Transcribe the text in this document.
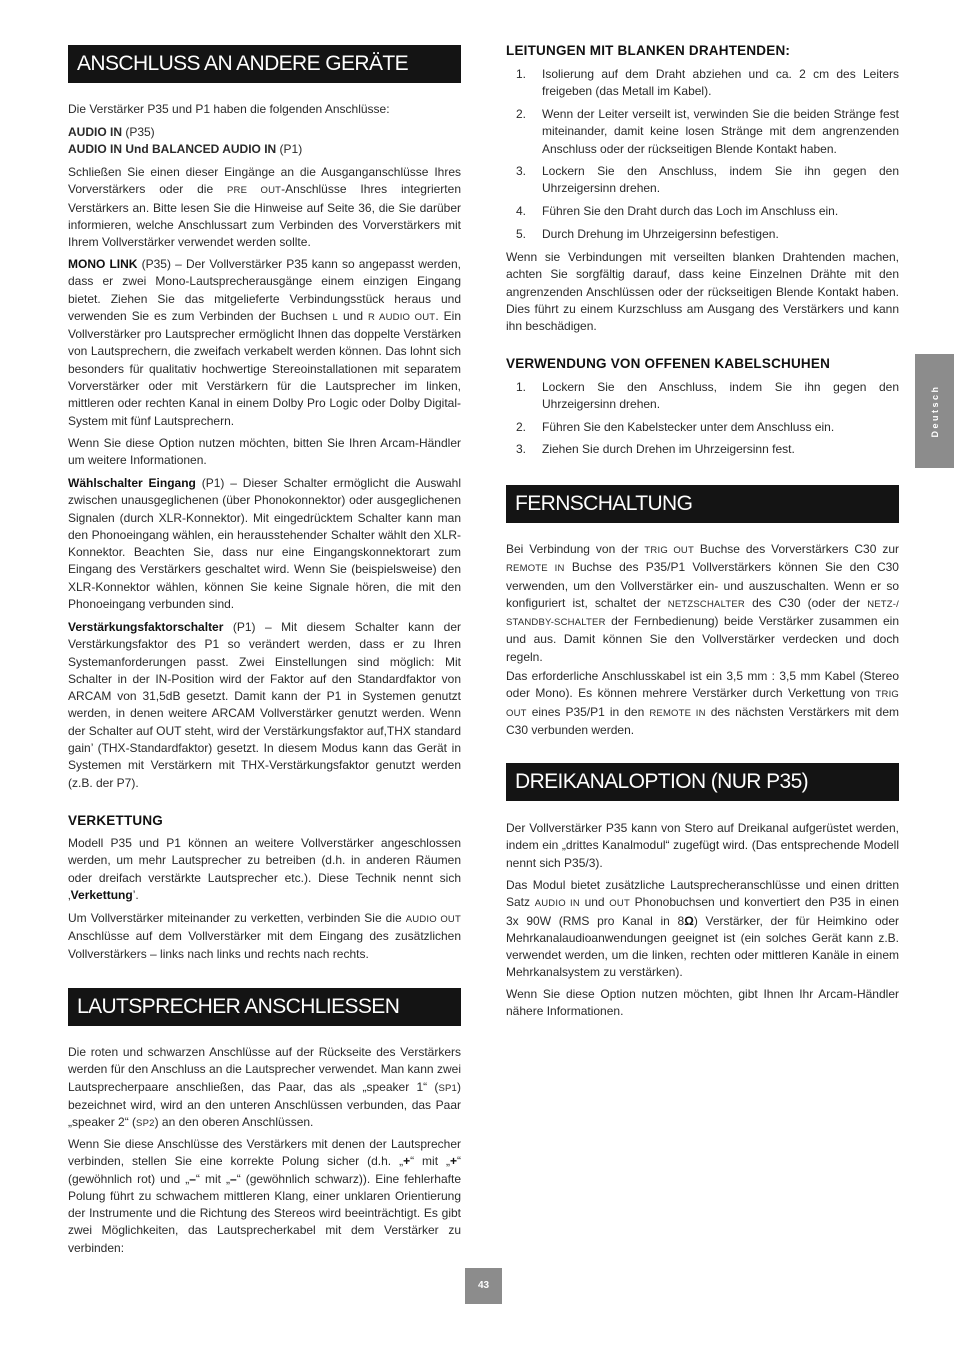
ANSCHLUSS AN ANDERE GERÄTE

Die Verstärker P35 und P1 haben die folgenden Anschlüsse:

AUDIO IN (P35)
AUDIO IN Und BALANCED AUDIO IN (P1)

Schließen Sie einen dieser Eingänge an die Ausganganschlüsse Ihres Vorverstärkers oder die PRE OUT-Anschlüsse Ihres integrierten Verstärkers an. Bitte lesen Sie die Hinweise auf Seite 36, die Sie darüber informieren, welche Anschlussart zum Verbinden des Vorverstärkers mit Ihrem Vollverstärker verwendet werden sollte.

MONO LINK (P35) – Der Vollverstärker P35 kann so angepasst werden, dass er zwei Mono-Lautsprecherausgänge einem einzigen Eingang bietet. Ziehen Sie das mitgelieferte Verbindungsstück heraus und verwenden Sie es zum Verbinden der Buchsen L und R AUDIO OUT. Ein Vollverstärker pro Lautsprecher ermöglicht Ihnen das doppelte Verstärken von Lautsprechern, die zweifach verkabelt werden können. Das lohnt sich besonders für qualitativ hochwertige Stereoinstallationen mit separatem Vorverstärker oder mit Verstärkern für die Lautsprecher im linken, mittleren oder rechten Kanal in einem Dolby Pro Logic oder Dolby Digital-System mit fünf Lautsprechern.

Wenn Sie diese Option nutzen möchten, bitten Sie Ihren Arcam-Händler um weitere Informationen.

Wählschalter Eingang (P1) – Dieser Schalter ermöglicht die Auswahl zwischen unausgeglichenen (über Phonokonnektor) oder ausgeglichenen Signalen (durch XLR-Konnektor). Mit eingedrücktem Schalter kann man den Phonoeingang wählen, ein herausstehender Schalter wählt den XLR-Konnektor. Beachten Sie, dass nur eine Eingangskonnektorart zum Eingang des Verstärkers geschaltet wird. Wenn Sie (beispielsweise) den XLR-Konnektor wählen, können Sie keine Signale hören, die mit den Phonoeingang verbunden sind.

Verstärkungsfaktorschalter (P1) – Mit diesem Schalter kann der Verstärkungsfaktor des P1 so verändert werden, dass er zu Ihren Systemanforderungen passt. Zwei Einstellungen sind möglich: Mit Schalter in der IN-Position wird der Faktor auf den Standardfaktor von ARCAM von 31,5dB gesetzt. Damit kann der P1 in Systemen genutzt werden, in denen weitere ARCAM Vollverstärker genutzt werden. Wenn der Schalter auf OUT steht, wird der Verstärkungsfaktor auf,THX standard gain’ (THX-Standardfaktor) gesetzt. In diesem Modus kann das Gerät in Systemen mit Verstärkern mit THX-Verstärkungsfaktor genutzt werden (z.B. der P7).

VERKETTUNG

Modell P35 und P1 können an weitere Vollverstärker angeschlossen werden, um mehr Lautsprecher zu betreiben (d.h. in anderen Räumen oder dreifach verstärkte Lautsprecher etc.). Diese Technik nennt sich ‚Verkettung’.

Um Vollverstärker miteinander zu verketten, verbinden Sie die AUDIO OUT Anschlüsse auf dem Vollverstärker mit dem Eingang des zusätzlichen Vollverstärkers – links nach links und rechts nach rechts.

LAUTSPRECHER ANSCHLIESSEN

Die roten und schwarzen Anschlüsse auf der Rückseite des Verstärkers werden für den Anschluss an die Lautsprecher verwendet. Man kann zwei Lautsprecherpaare anschließen, das Paar, das als „speaker 1“ (SP1) bezeichnet wird, wird an den unteren Anschlüssen verbunden, das Paar „speaker 2“ (SP2) an den oberen Anschlüssen.

Wenn Sie diese Anschlüsse des Verstärkers mit denen der Lautsprecher verbinden, stellen Sie eine korrekte Polung sicher (d.h. „+“ mit „+“ (gewöhnlich rot) und „–“ mit „–“ (gewöhnlich schwarz)). Eine fehlerhafte Polung führt zu schwachem mittleren Klang, einer unklaren Orientierung der Instrumente und die Richtung des Stereos wird beeinträchtigt. Es gibt zwei Möglichkeiten, das Lautsprecherkabel mit dem Verstärker zu verbinden:

LEITUNGEN MIT BLANKEN DRAHTENDEN:
1. Isolierung auf dem Draht abziehen und ca. 2 cm des Leiters freigeben (das Metall im Kabel).
2. Wenn der Leiter verseilt ist, verwinden Sie die beiden Stränge fest miteinander, damit keine losen Stränge mit dem angrenzenden Anschluss oder der rückseitigen Blende Kontakt haben.
3. Lockern Sie den Anschluss, indem Sie ihn gegen den Uhrzeigersinn drehen.
4. Führen Sie den Draht durch das Loch im Anschluss ein.
5. Durch Drehung im Uhrzeigersinn befestigen.

Wenn sie Verbindungen mit verseilten blanken Drahtenden machen, achten Sie sorgfältig darauf, dass keine Einzelnen Drähte mit den angrenzenden Anschlüssen oder der rückseitigen Blende Kontakt haben. Dies führt zu einem Kurzschluss am Ausgang des Verstärkers und kann ihn beschädigen.

VERWENDUNG VON OFFENEN KABELSCHUHEN
1. Lockern Sie den Anschluss, indem Sie ihn gegen den Uhrzeigersinn drehen.
2. Führen Sie den Kabelstecker unter dem Anschluss ein.
3. Ziehen Sie durch Drehen im Uhrzeigersinn fest.
FERNSCHALTUNG

Bei Verbindung von der TRIG OUT Buchse des Vorverstärkers C30 zur REMOTE IN Buchse des P35/P1 Vollverstärkers können Sie den C30 verwenden, um den Vollverstärker ein- und auszuschalten. Wenn er so konfiguriert ist, schaltet der NETZSCHALTER des C30 (oder der NETZ-/ STANDBY-SCHALTER der Fernbedienung) beide Verstärker zusammen ein und aus. Damit können Sie den Vollverstärker verdecken und doch regeln.

Das erforderliche Anschlusskabel ist ein 3,5 mm : 3,5 mm Kabel (Stereo oder Mono). Es können mehrere Verstärker durch Verkettung von TRIG OUT eines P35/P1 in den REMOTE IN des nächsten Verstärkers mit dem C30 verbunden werden.

DREIKANALOPTION (NUR P35)

Der Vollverstärker P35 kann von Stero auf Dreikanal aufgerüstet werden, indem ein „drittes Kanalmodul“ zugefügt wird. (Das entsprechende Modell nennt sich P35/3).

Das Modul bietet zusätzliche Lautsprecheranschlüsse und einen dritten Satz AUDIO IN und OUT Phonobuchsen und konvertiert den P35 in einen 3x 90W (RMS pro Kanal in 8Ω) Verstärker, der für Heimkino oder Mehrkanalaudioanwendungen geeignet ist (ein solches Gerät kann z.B. verwendet werden, um die linken, rechten oder mittleren Kanäle in einem Mehrkanalsystem zu verstärken).

Wenn Sie diese Option nutzen möchten, gibt Ihnen Ihr Arcam-Händler nähere Informationen.

Deutsch
43
